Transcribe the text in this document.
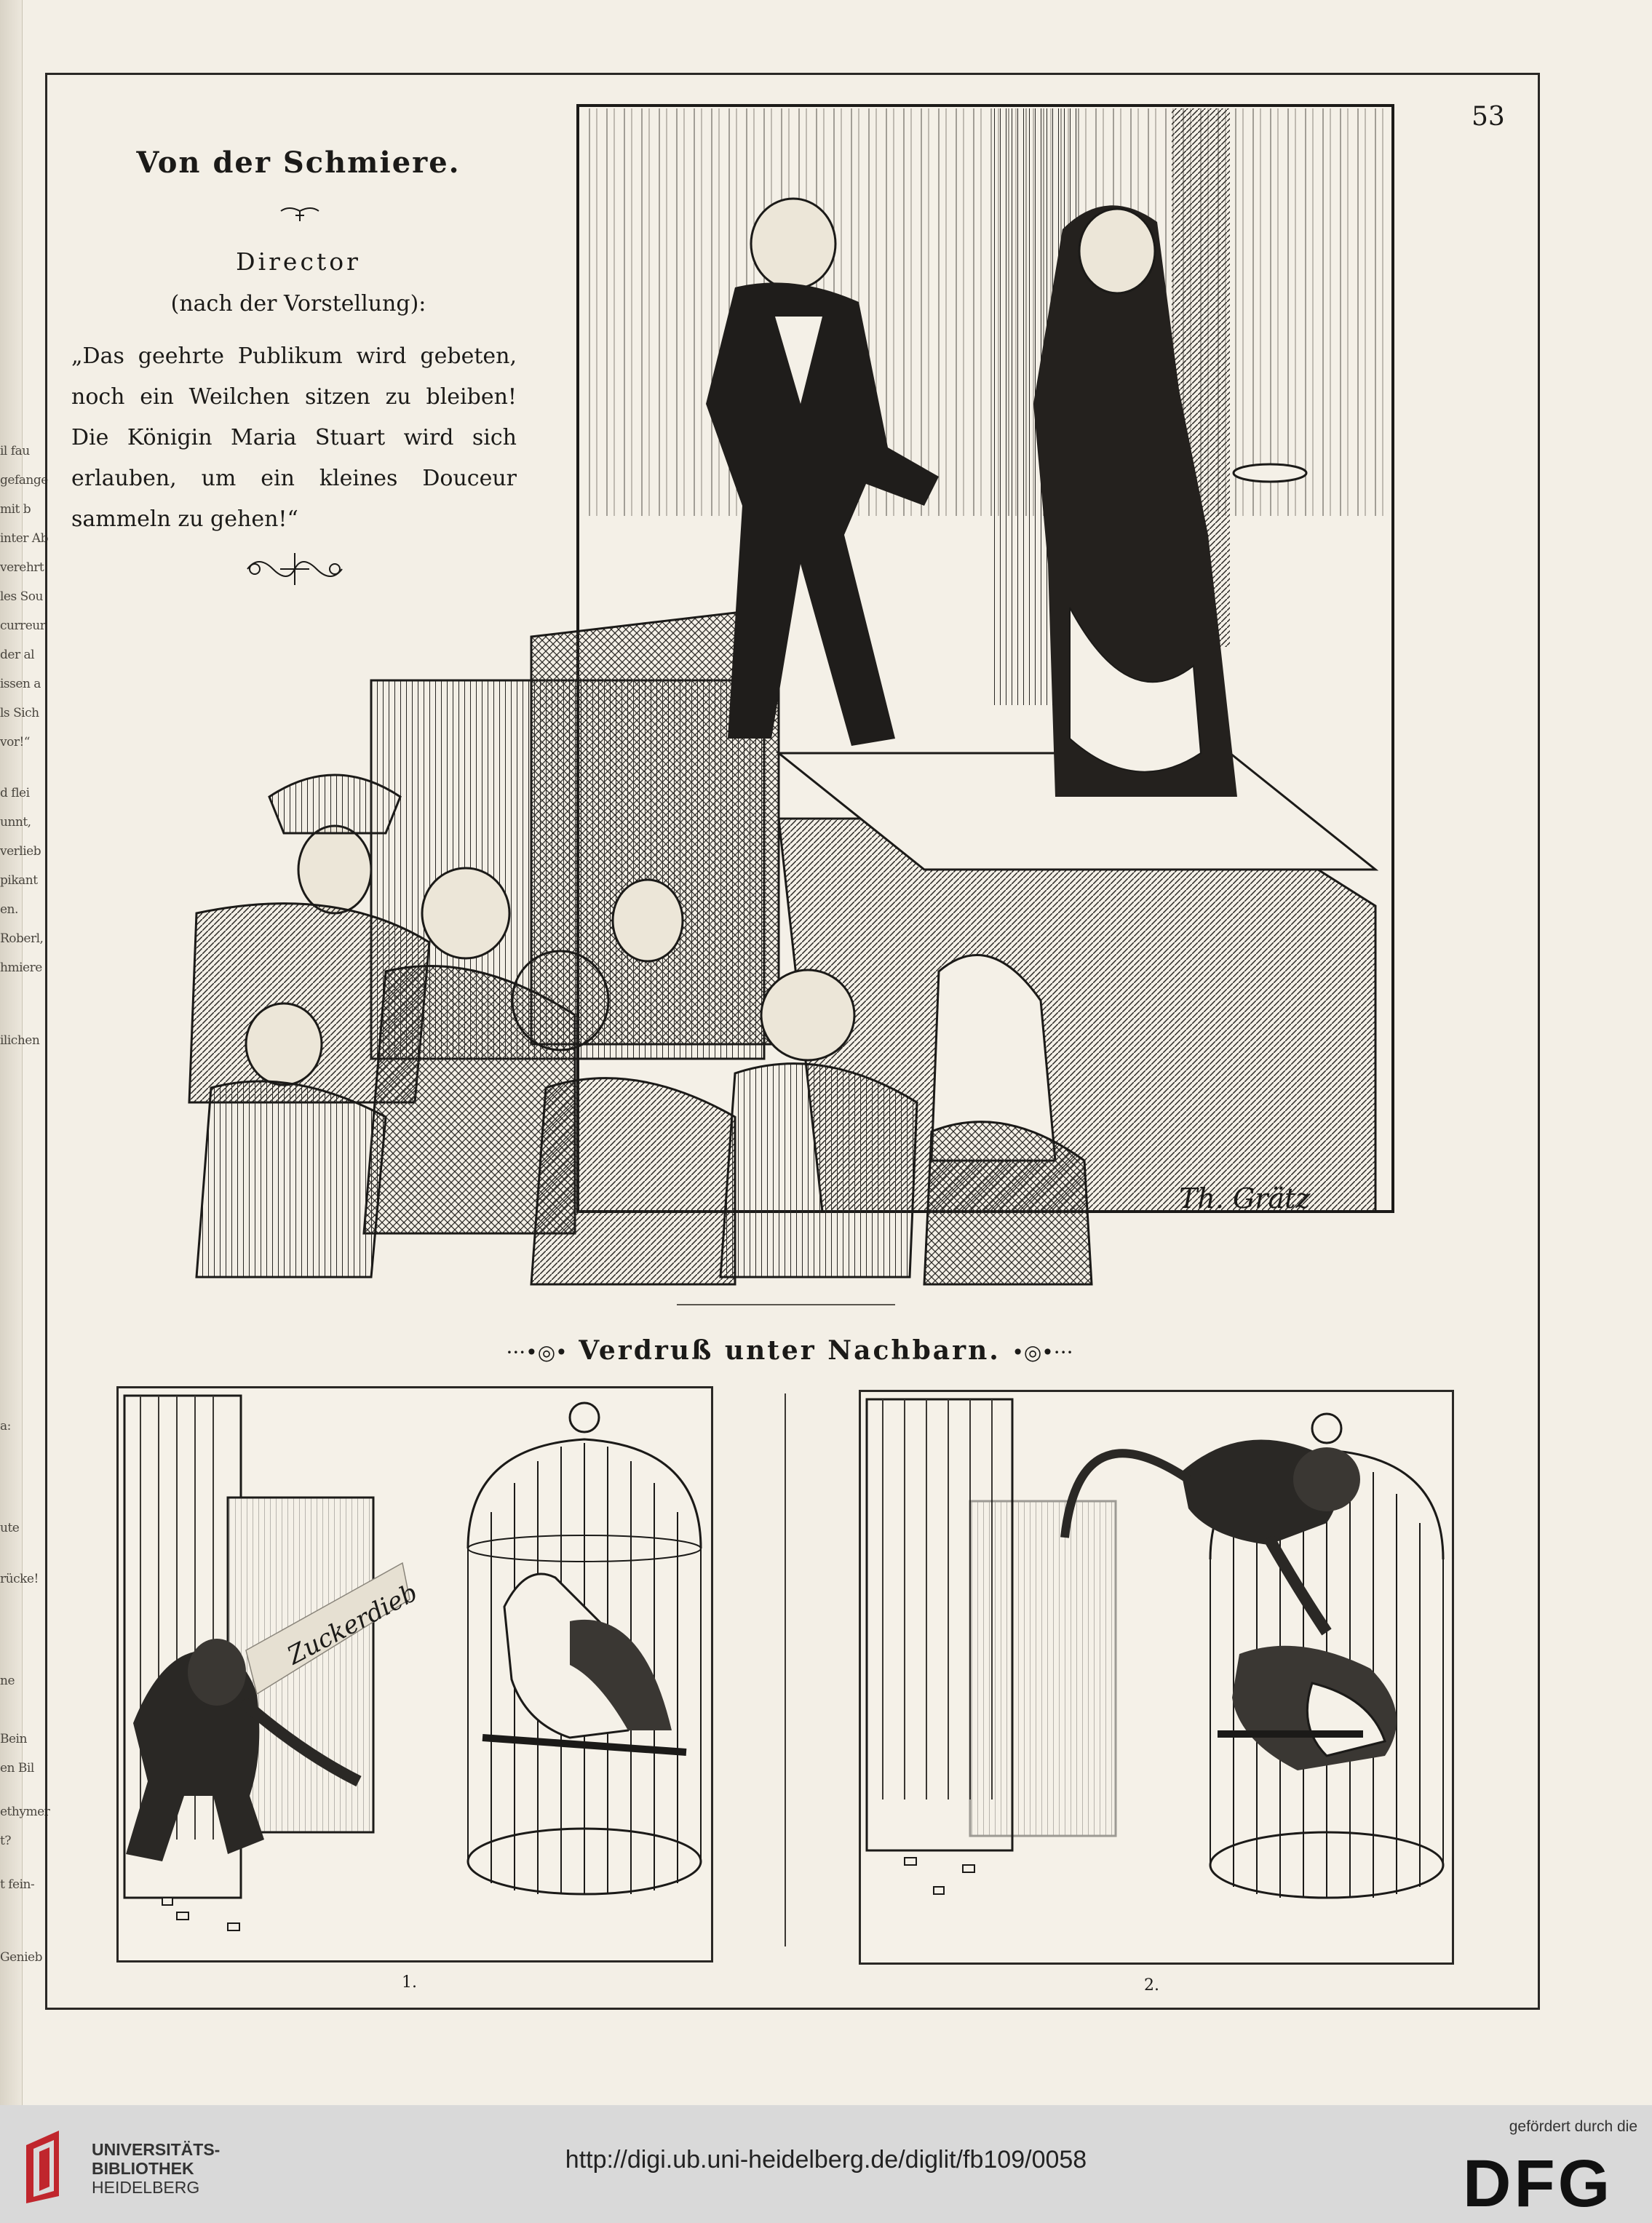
il fau
gefange
mit b
inter Ab
verehrt
les Sou
curreur
der al
issen a
ls Sich
vor!“
d flei
unnt,
verlieb
pikant
en.
Roberl,
hmiere
ilichen
a:
ute
rücke!
ne
Bein
en Bil
ethymer
t?
t fein-
Genieb
53
Von der Schmiere.
Director
(nach der Vorstellung):
„Das geehrte Publikum wird gebeten, noch ein Weilchen sitzen zu bleiben! Die Königin Maria Stuart wird sich erlauben, um ein kleines Douceur sammeln zu gehen!“
Th. Grätz
···•◎• Verdruß unter Nachbarn. •◎•···
Zuckerdieb
1.	2.
UNIVERSITÄTS-
BIBLIOTHEK
HEIDELBERG
http://digi.ub.uni-heidelberg.de/diglit/fb109/0058
gefördert durch die
DFG
